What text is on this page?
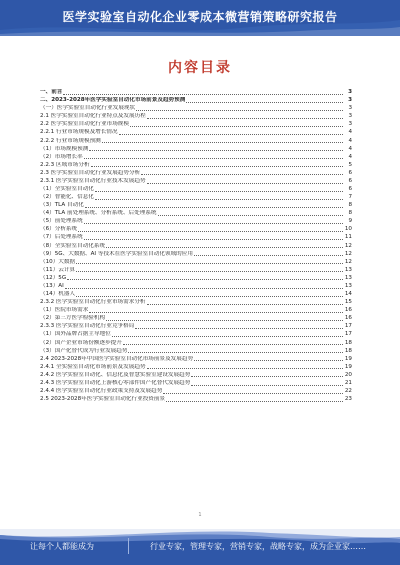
医学实验室自动化企业零成本微营销策略研究报告
内容目录
一、前言	3
二、2023-2028年医学实验室自动化市场前景及趋势预测	3
（一）医学实验室自动化行业发展现状	3
2.1 医学实验室自动化行业特点及发展历程	3
2.2 医学实验室自动化行业市场规模	3
2.2.1 行业市场规模及增长情况	4
2.2.2 行业市场规模预测	4
（1）市场规模预测	4
（2）市场增长率	4
2.2.3 区域市场分析	5
2.3 医学实验室自动化行业发展趋势分析	6
2.3.1 医学实验室自动化行业技术发展趋势	6
（1）全实验室自动化	6
（2）智能化、信息化	7
（3）TLA 自动化	8
（4）TLA 前处理系统、分析系统、后处理系统	8
（5）前处理系统	9
（6）分析系统	10
（7）后处理系统	11
（8）全实验室自动化系统	12
（9）5G、大数据、AI 等技术在医学实验室自动化领域的应用	12
（10）大数据	12
（11）云计算	13
（12）5G	13
（13）AI	13
（14）机器人	14
2.3.2 医学实验室自动化行业市场需求分析	15
（1）医院市场需求	16
（2）第三方医学检验机构	16
2.3.3 医学实验室自动化行业竞争格局	17
（1）国外品牌占据主导地位	17
（2）国产企业市场份额逐步提升	18
（3）国产化替代成为行业发展趋势	18
2.4 2023-2028年中国医学实验室自动化市场前景及发展趋势	19
2.4.1 全实验室自动化市场前景及发展趋势	19
2.4.2 医学实验室自动化、信息化及智慧实验室建设发展趋势	20
2.4.3 医学实验室自动化上游核心零部件国产化替代发展趋势	21
2.4.4 医学实验室自动化行业政策支持及发展趋势	22
2.5 2023-2028年医学实验室自动化行业投资前景	23
1
让每个人都能成为	行业专家，管理专家，营销专家，战略专家，成为企业家……
